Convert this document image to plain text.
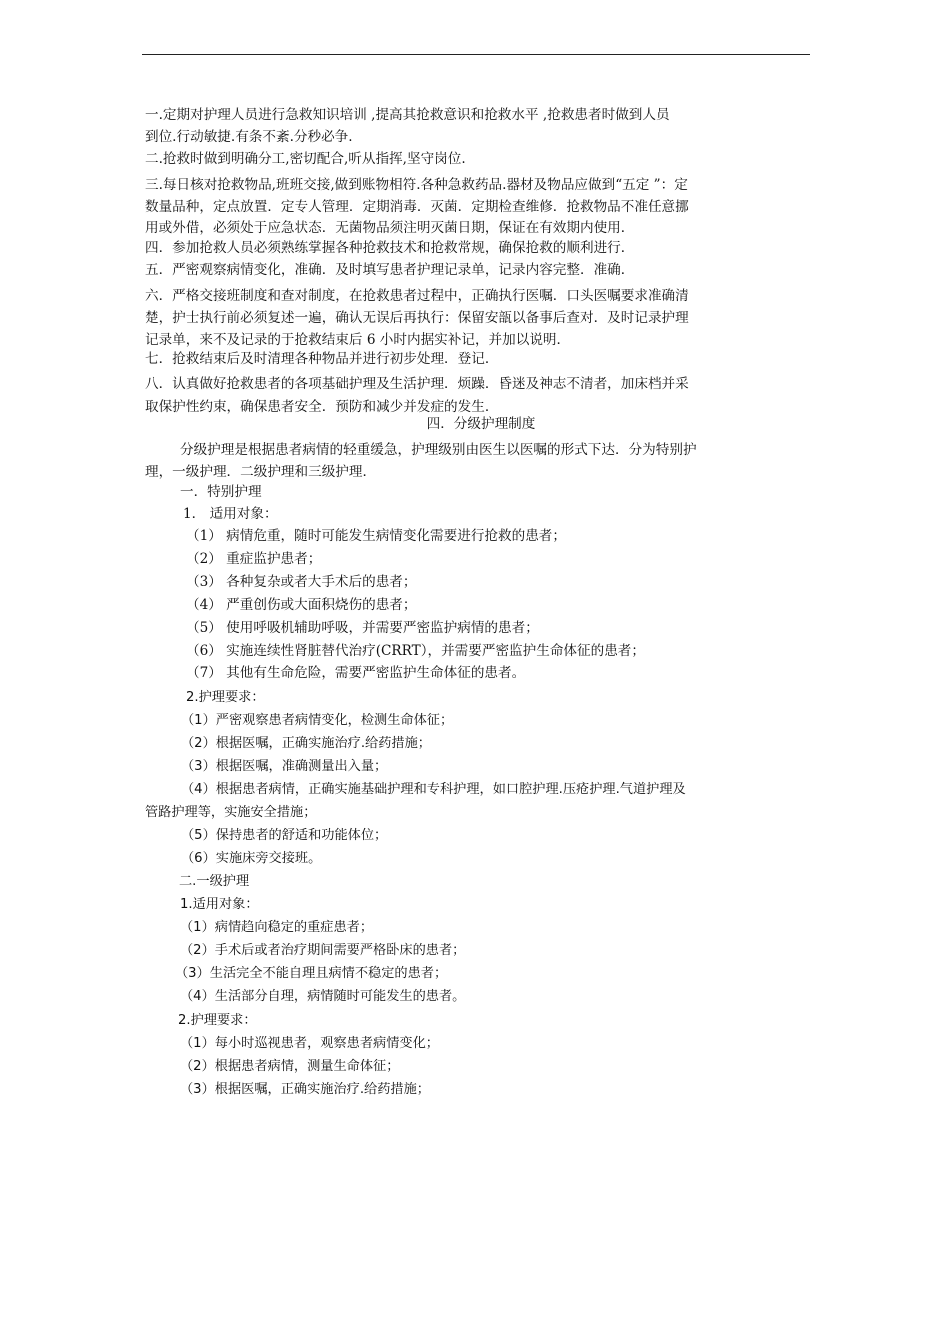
一.定期对护理人员进行急救知识培训 ,提高其抢救意识和抢救水平 ,抢救患者时做到人员
到位.行动敏捷.有条不紊.分秒必争.
二.抢救时做到明确分工,密切配合,听从指挥,坚守岗位.
三.每日核对抢救物品,班班交接,做到账物相符.各种急救药品.器材及物品应做到“五定 ”：定
数量品种，定点放置．定专人管理．定期消毒．灭菌．定期检查维修．抢救物品不准任意挪
用或外借，必须处于应急状态．无菌物品须注明灭菌日期，保证在有效期内使用．
四．参加抢救人员必须熟练掌握各种抢救技术和抢救常规，确保抢救的顺利进行．
五．严密观察病情变化，准确．及时填写患者护理记录单，记录内容完整．准确．
六．严格交接班制度和查对制度，在抢救患者过程中，正确执行医嘱．口头医嘱要求准确清
楚，护士执行前必须复述一遍，确认无误后再执行：保留安瓿以备事后查对．及时记录护理
记录单，来不及记录的于抢救结束后 6 小时内据实补记，并加以说明．
七．抢救结束后及时清理各种物品并进行初步处理．登记．
八．认真做好抢救患者的各项基础护理及生活护理．烦躁．昏迷及神志不清者，加床档并采
取保护性约束，确保患者安全．预防和减少并发症的发生．
四．分级护理制度
分级护理是根据患者病情的轻重缓急，护理级别由医生以医嘱的形式下达．分为特别护
理，一级护理．二级护理和三级护理．
一．特别护理
1． 适用对象：
（1） 病情危重，随时可能发生病情变化需要进行抢救的患者；
（2） 重症监护患者；
（3） 各种复杂或者大手术后的患者；
（4） 严重创伤或大面积烧伤的患者；
（5） 使用呼吸机辅助呼吸，并需要严密监护病情的患者；
（6） 实施连续性肾脏替代治疗(CRRT），并需要严密监护生命体征的患者；
（7） 其他有生命危险，需要严密监护生命体征的患者。
2.护理要求：
（1）严密观察患者病情变化，检测生命体征；
（2）根据医嘱，正确实施治疗.给药措施；
（3）根据医嘱，准确测量出入量；
（4）根据患者病情，正确实施基础护理和专科护理，如口腔护理.压疮护理.气道护理及
管路护理等，实施安全措施；
（5）保持患者的舒适和功能体位；
（6）实施床旁交接班。
二.一级护理
1.适用对象：
（1）病情趋向稳定的重症患者；
（2）手术后或者治疗期间需要严格卧床的患者；
（3）生活完全不能自理且病情不稳定的患者；
（4）生活部分自理，病情随时可能发生的患者。
2.护理要求：
（1）每小时巡视患者，观察患者病情变化；
（2）根据患者病情，测量生命体征；
（3）根据医嘱，正确实施治疗.给药措施；
